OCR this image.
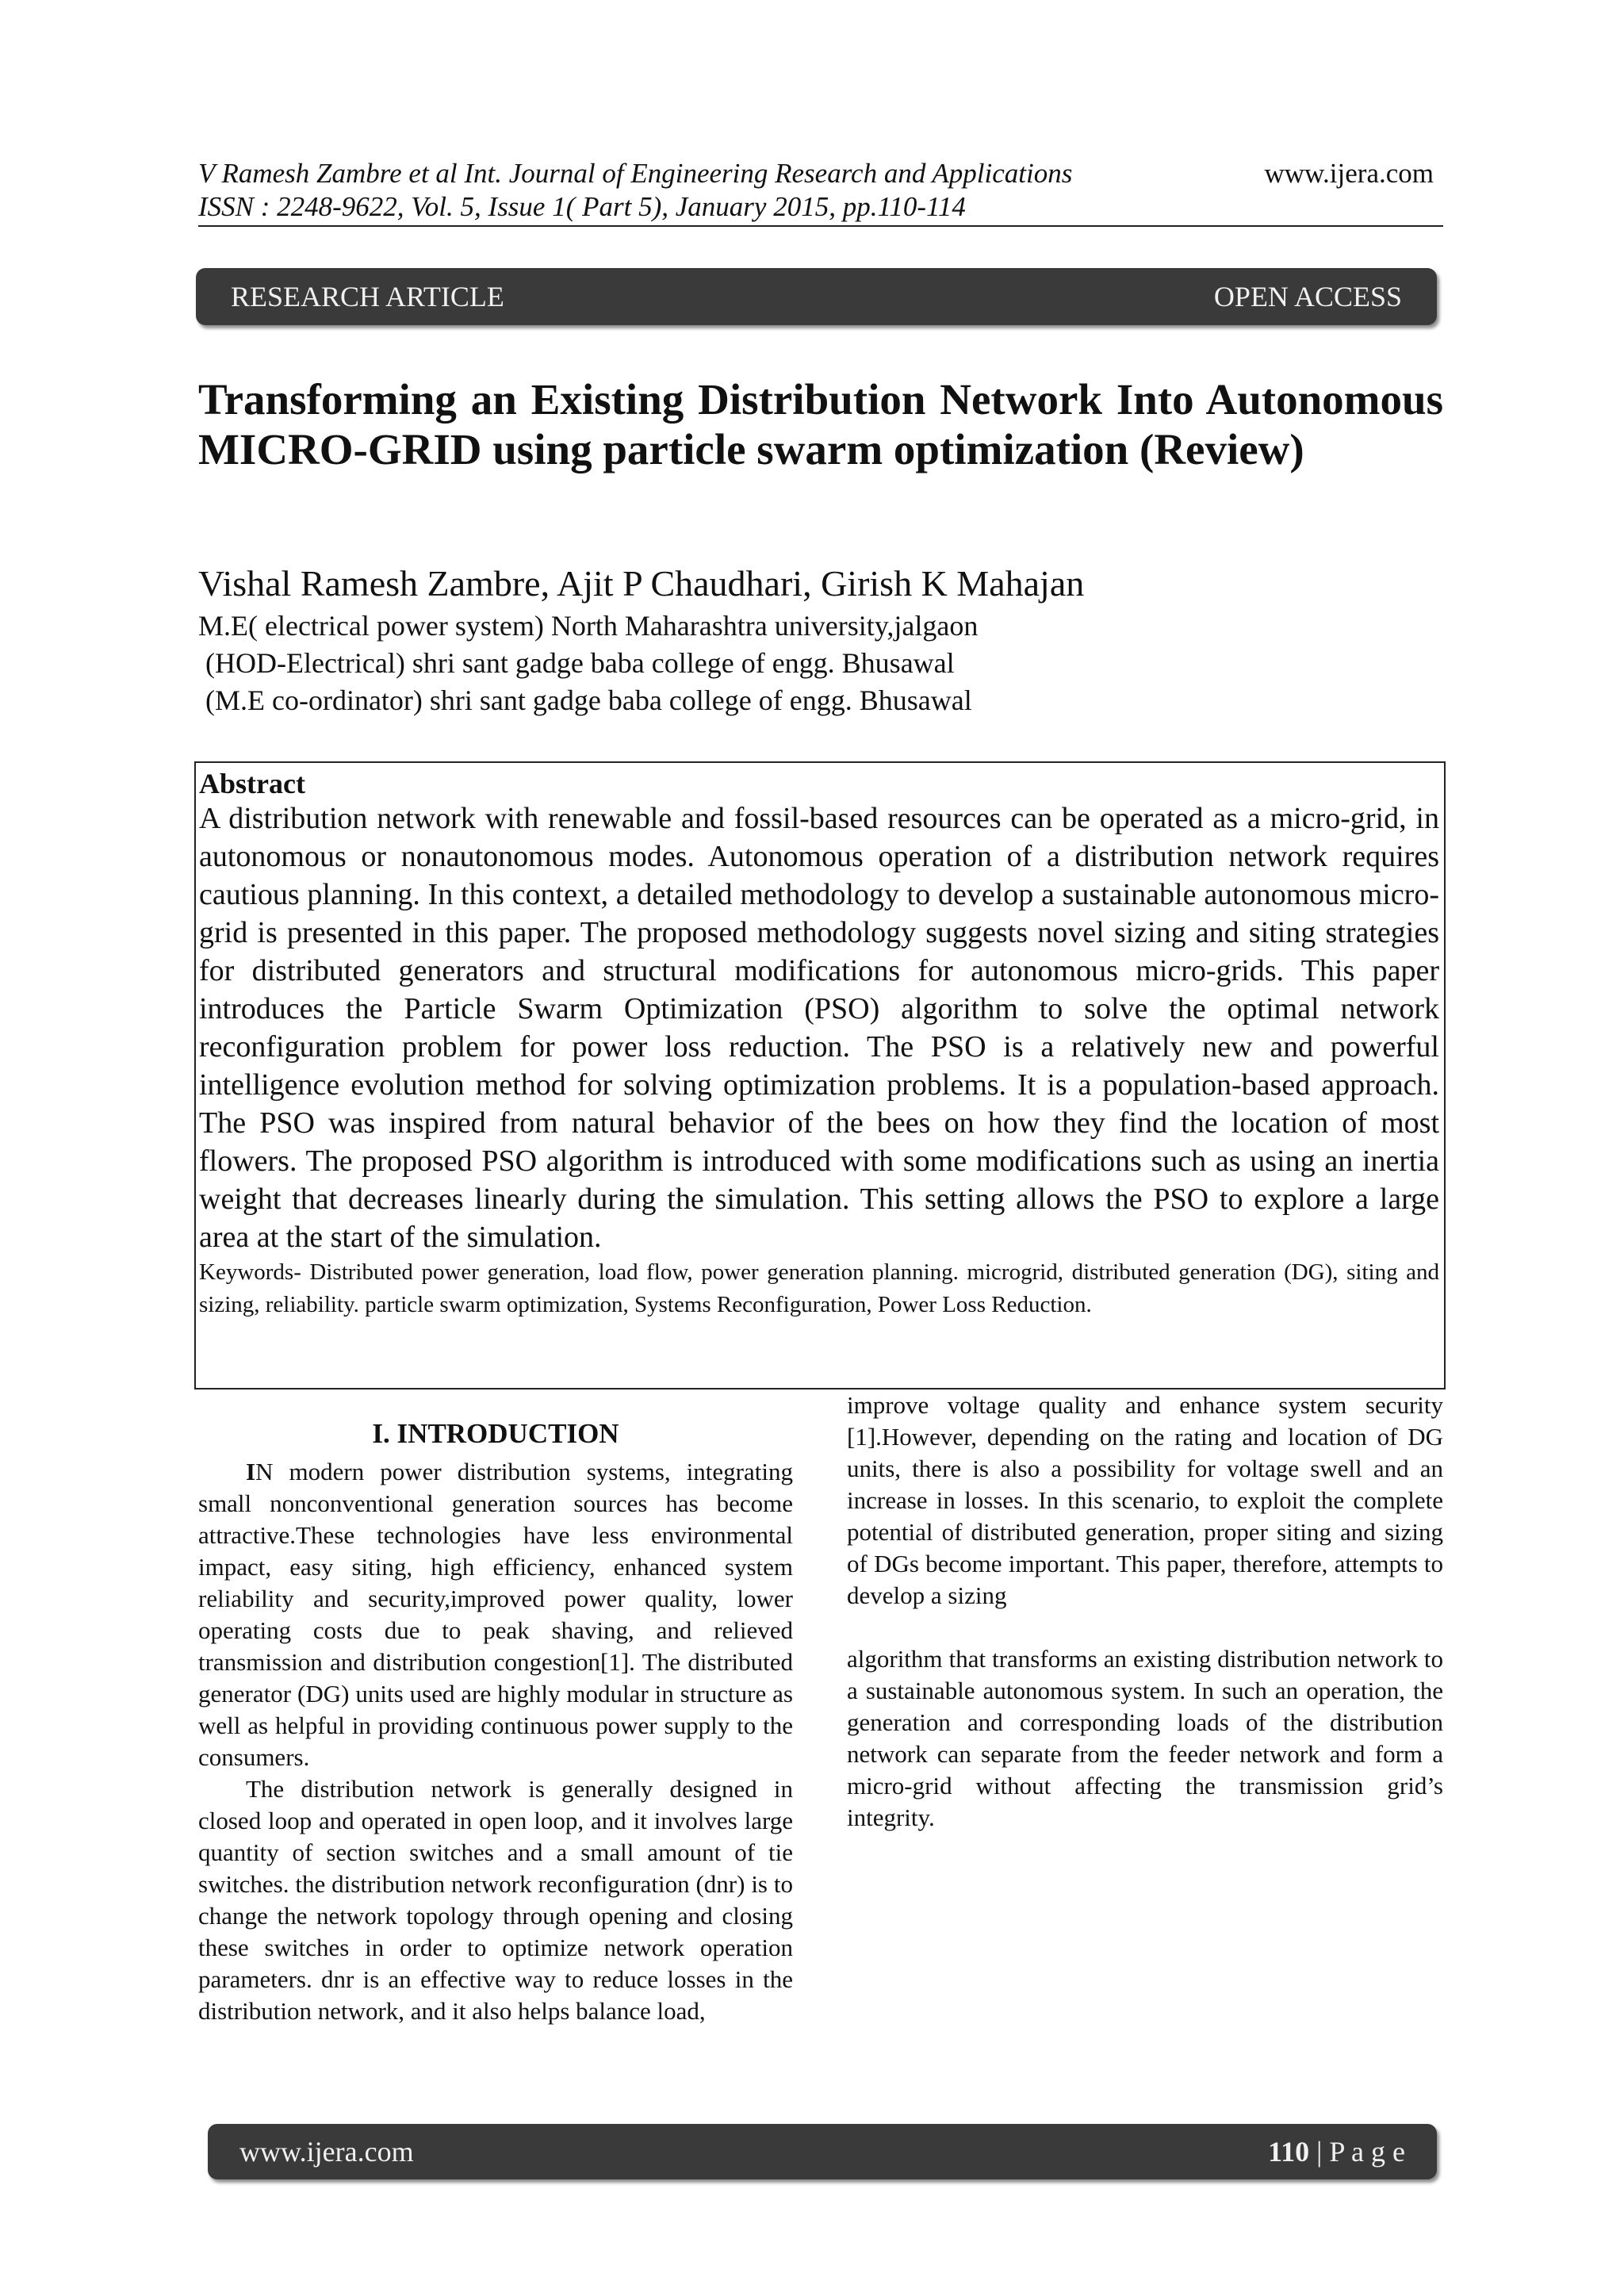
V Ramesh Zambre et al Int. Journal of Engineering Research and Applications
ISSN : 2248-9622, Vol. 5, Issue 1( Part 5), January 2015, pp.110-114
www.ijera.com
RESEARCH ARTICLE	OPEN ACCESS
Transforming an Existing Distribution Network Into Autonomous MICRO-GRID using particle swarm optimization (Review)
Vishal Ramesh Zambre, Ajit P Chaudhari, Girish K Mahajan
M.E( electrical power system) North Maharashtra university,jalgaon
(HOD-Electrical) shri sant gadge baba college of engg. Bhusawal
(M.E co-ordinator) shri sant gadge baba college of engg. Bhusawal
Abstract

A distribution network with renewable and fossil-based resources can be operated as a micro-grid, in autonomous or nonautonomous modes. Autonomous operation of a distribution network requires cautious planning. In this context, a detailed methodology to develop a sustainable autonomous micro-grid is presented in this paper. The proposed methodology suggests novel sizing and siting strategies for distributed generators and structural modifications for autonomous micro-grids. This paper introduces the Particle Swarm Optimization (PSO) algorithm to solve the optimal network reconfiguration problem for power loss reduction. The PSO is a relatively new and powerful intelligence evolution method for solving optimization problems. It is a population-based approach. The PSO was inspired from natural behavior of the bees on how they find the location of most flowers. The proposed PSO algorithm is introduced with some modifications such as using an inertia weight that decreases linearly during the simulation. This setting allows the PSO to explore a large area at the start of the simulation.

Keywords- Distributed power generation, load flow, power generation planning. microgrid, distributed generation (DG), siting and sizing, reliability. particle swarm optimization, Systems Reconfiguration, Power Loss Reduction.

I. INTRODUCTION

IN modern power distribution systems, integrating small nonconventional generation sources has become attractive.These technologies have less environmental impact, easy siting, high efficiency, enhanced system reliability and security,improved power quality, lower operating costs due to peak shaving, and relieved transmission and distribution congestion[1]. The distributed generator (DG) units used are highly modular in structure as well as helpful in providing continuous power supply to the consumers.

The distribution network is generally designed in closed loop and operated in open loop, and it involves large quantity of section switches and a small amount of tie switches. the distribution network reconfiguration (dnr) is to change the network topology through opening and closing these switches in order to optimize network operation parameters. dnr is an effective way to reduce losses in the distribution network, and it also helps balance load,

improve voltage quality and enhance system security [1].However, depending on the rating and location of DG units, there is also a possibility for voltage swell and an increase in losses. In this scenario, to exploit the complete potential of distributed generation, proper siting and sizing of DGs become important. This paper, therefore, attempts to develop a sizing

algorithm that transforms an existing distribution network to a sustainable autonomous system. In such an operation, the generation and corresponding loads of the distribution network can separate from the feeder network and form a micro-grid without affecting the transmission grid’s integrity.

www.ijera.com	110 | P a g e
